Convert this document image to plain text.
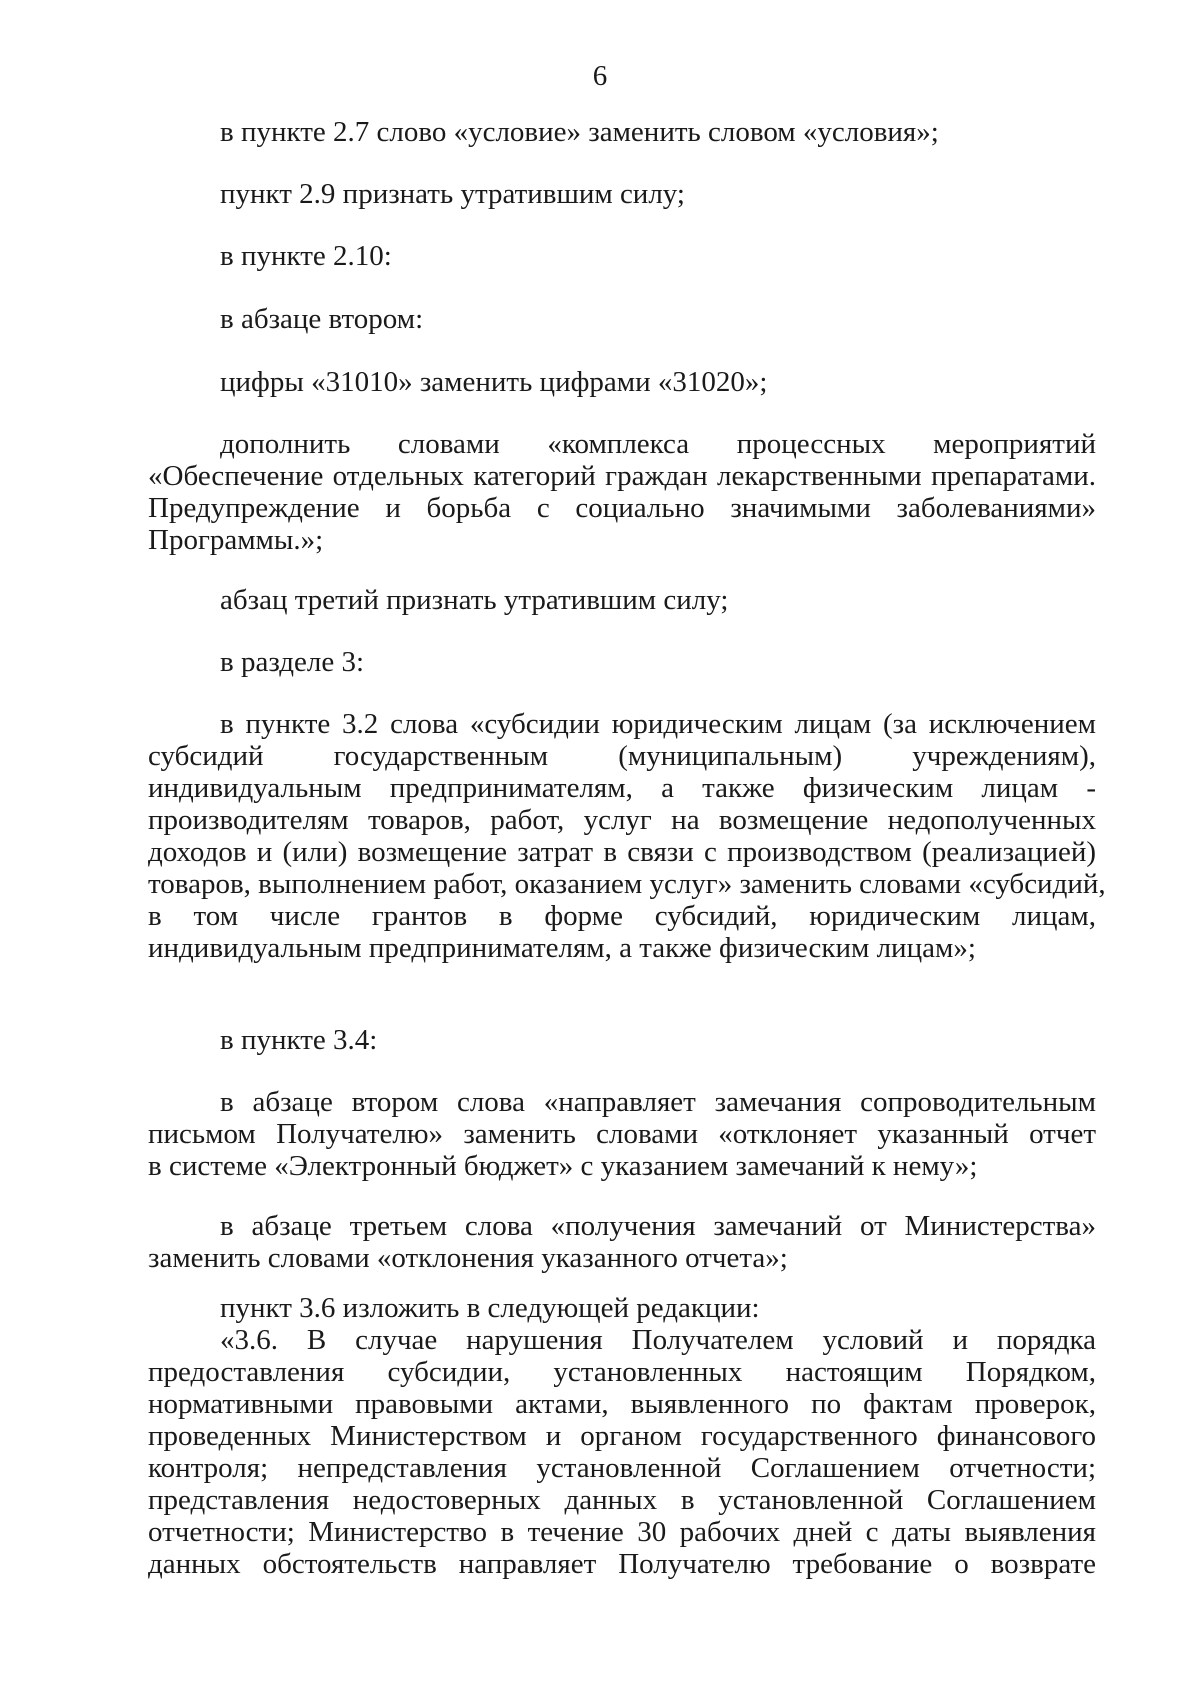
6
в пункте 2.7 слово «условие» заменить словом «условия»;
пункт 2.9 признать утратившим силу;
в пункте 2.10:
в абзаце втором:
цифры «31010» заменить цифрами «31020»;
дополнить словами «комплекса процессных мероприятий
«Обеспечение отдельных категорий граждан лекарственными препаратами.
Предупреждение и борьба с социально значимыми заболеваниями»
Программы.»;
абзац третий признать утратившим силу;
в разделе 3:
в пункте 3.2 слова «субсидии юридическим лицам (за исключением
субсидий государственным (муниципальным) учреждениям),
индивидуальным предпринимателям, а также физическим лицам -
производителям товаров, работ, услуг на возмещение недополученных
доходов и (или) возмещение затрат в связи с производством (реализацией)
товаров, выполнением работ, оказанием услуг» заменить словами «субсидий,
в том числе грантов в форме субсидий, юридическим лицам,
индивидуальным предпринимателям, а также физическим лицам»;
в пункте 3.4:
в абзаце втором слова «направляет замечания сопроводительным
письмом Получателю» заменить словами «отклоняет указанный отчет
в системе «Электронный бюджет» с указанием замечаний к нему»;
в абзаце третьем слова «получения замечаний от Министерства»
заменить словами «отклонения указанного отчета»;
пункт 3.6 изложить в следующей редакции:
«3.6. В случае нарушения Получателем условий и порядка
предоставления субсидии, установленных настоящим Порядком,
нормативными правовыми актами, выявленного по фактам проверок,
проведенных Министерством и органом государственного финансового
контроля; непредставления установленной Соглашением отчетности;
представления недостоверных данных в установленной Соглашением
отчетности; Министерство в течение 30 рабочих дней с даты выявления
данных обстоятельств направляет Получателю требование о возврате
